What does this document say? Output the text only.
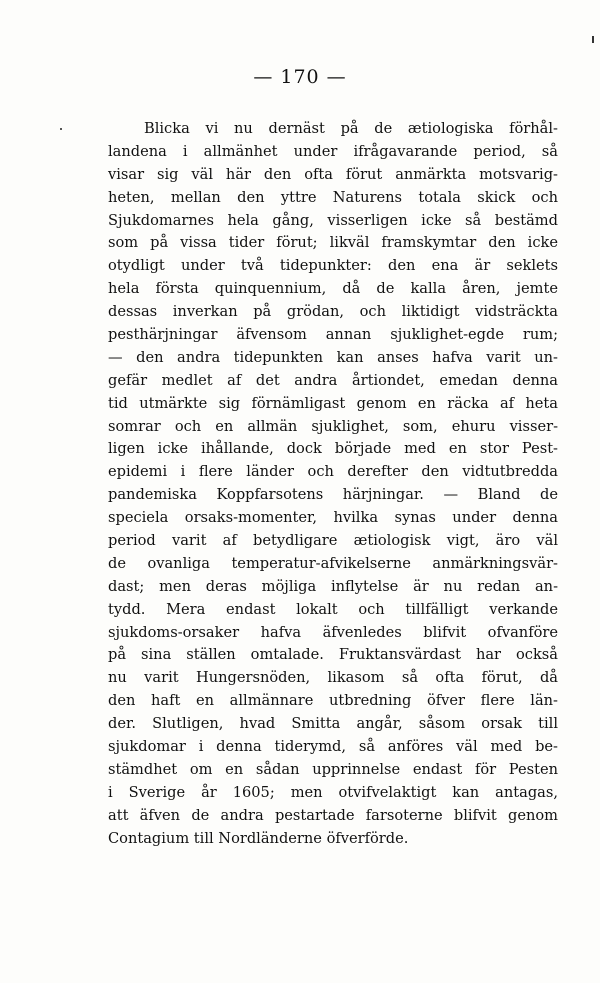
— 170 —
Blicka vi nu dernäst på de ætiologiska förhål-
landena i allmänhet under ifrågavarande period, så
visar sig väl här den ofta förut anmärkta motsvarig-
heten, mellan den yttre Naturens totala skick och
Sjukdomarnes hela gång, visserligen icke så bestämd
som på vissa tider förut; likväl framskymtar den icke
otydligt under två tidepunkter: den ena är seklets
hela första quinquennium, då de kalla åren, jemte
dessas inverkan på grödan, och liktidigt vidsträckta
pesthärjningar äfvensom annan sjuklighet-egde rum;
— den andra tidepunkten kan anses hafva varit un-
gefär medlet af det andra årtiondet, emedan denna
tid utmärkte sig förnämligast genom en räcka af heta
somrar och en allmän sjuklighet, som, ehuru visser-
ligen icke ihållande, dock började med en stor Pest-
epidemi i flere länder och derefter den vidtutbredda
pandemiska Koppfarsotens härjningar. — Bland de
speciela orsaks-momenter, hvilka synas under denna
period varit af betydligare ætiologisk vigt, äro väl
de ovanliga temperatur-afvikelserne anmärkningsvär-
dast; men deras möjliga inflytelse är nu redan an-
tydd. Mera endast lokalt och tillfälligt verkande
sjukdoms-orsaker hafva äfvenledes blifvit ofvanföre
på sina ställen omtalade. Fruktansvärdast har också
nu varit Hungersnöden, likasom så ofta förut, då
den haft en allmännare utbredning öfver flere län-
der. Slutligen, hvad Smitta angår, såsom orsak till
sjukdomar i denna tiderymd, så anföres väl med be-
stämdhet om en sådan upprinnelse endast för Pesten
i Sverige år 1605; men otvifvelaktigt kan antagas,
att äfven de andra pestartade farsoterne blifvit genom
Contagium till Nordländerne öfverförde.
